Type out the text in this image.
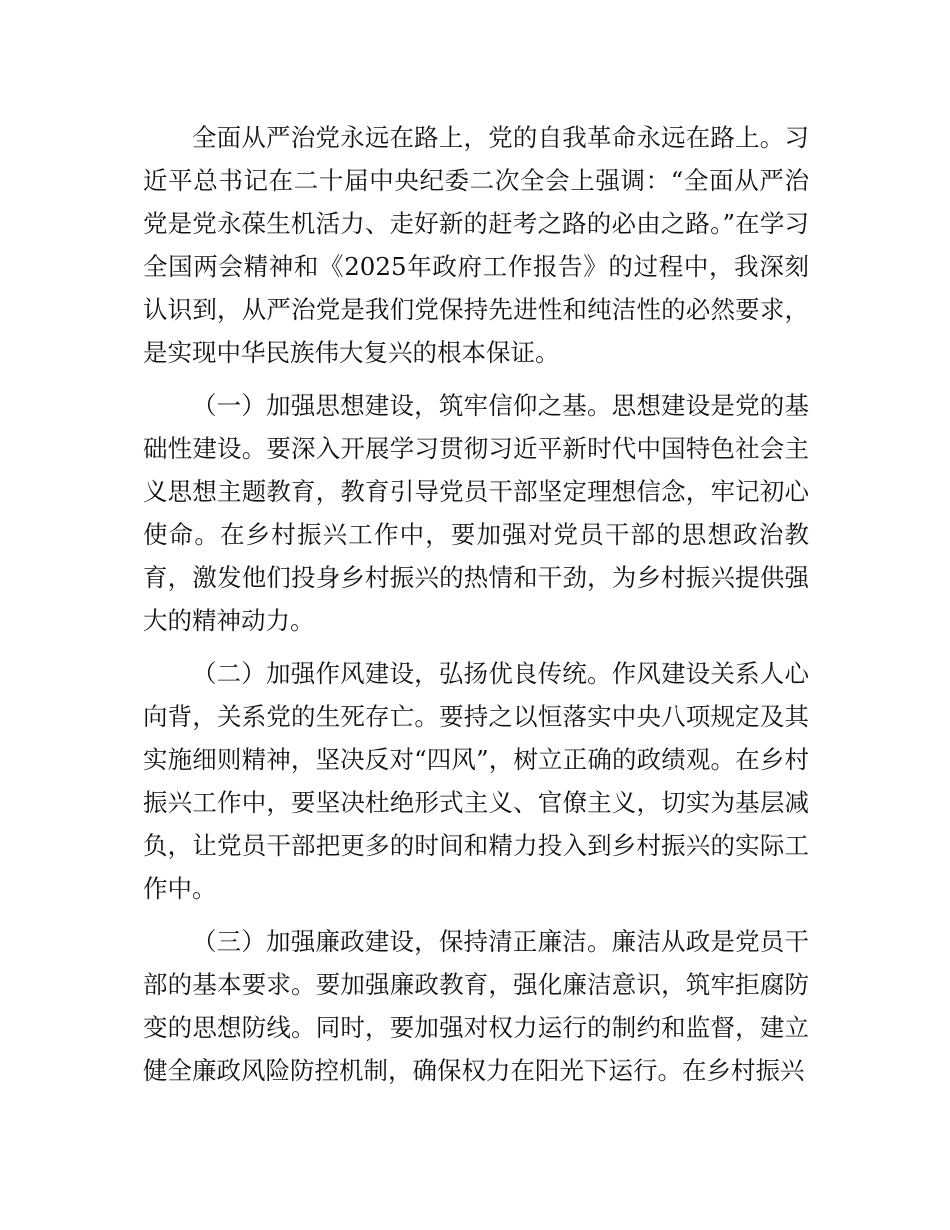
全面从严治党永远在路上，党的自我革命永远在路上。习近平总书记在二十届中央纪委二次全会上强调：“全面从严治党是党永葆生机活力、走好新的赶考之路的必由之路。”在学习全国两会精神和《2025年政府工作报告》的过程中，我深刻认识到，从严治党是我们党保持先进性和纯洁性的必然要求，是实现中华民族伟大复兴的根本保证。

（一）加强思想建设，筑牢信仰之基。思想建设是党的基础性建设。要深入开展学习贯彻习近平新时代中国特色社会主义思想主题教育，教育引导党员干部坚定理想信念，牢记初心使命。在乡村振兴工作中，要加强对党员干部的思想政治教育，激发他们投身乡村振兴的热情和干劲，为乡村振兴提供强大的精神动力。

（二）加强作风建设，弘扬优良传统。作风建设关系人心向背，关系党的生死存亡。要持之以恒落实中央八项规定及其实施细则精神，坚决反对“四风”，树立正确的政绩观。在乡村振兴工作中，要坚决杜绝形式主义、官僚主义，切实为基层减负，让党员干部把更多的时间和精力投入到乡村振兴的实际工作中。

（三）加强廉政建设，保持清正廉洁。廉洁从政是党员干部的基本要求。要加强廉政教育，强化廉洁意识，筑牢拒腐防变的思想防线。同时，要加强对权力运行的制约和监督，建立健全廉政风险防控机制，确保权力在阳光下运行。在乡村振兴
